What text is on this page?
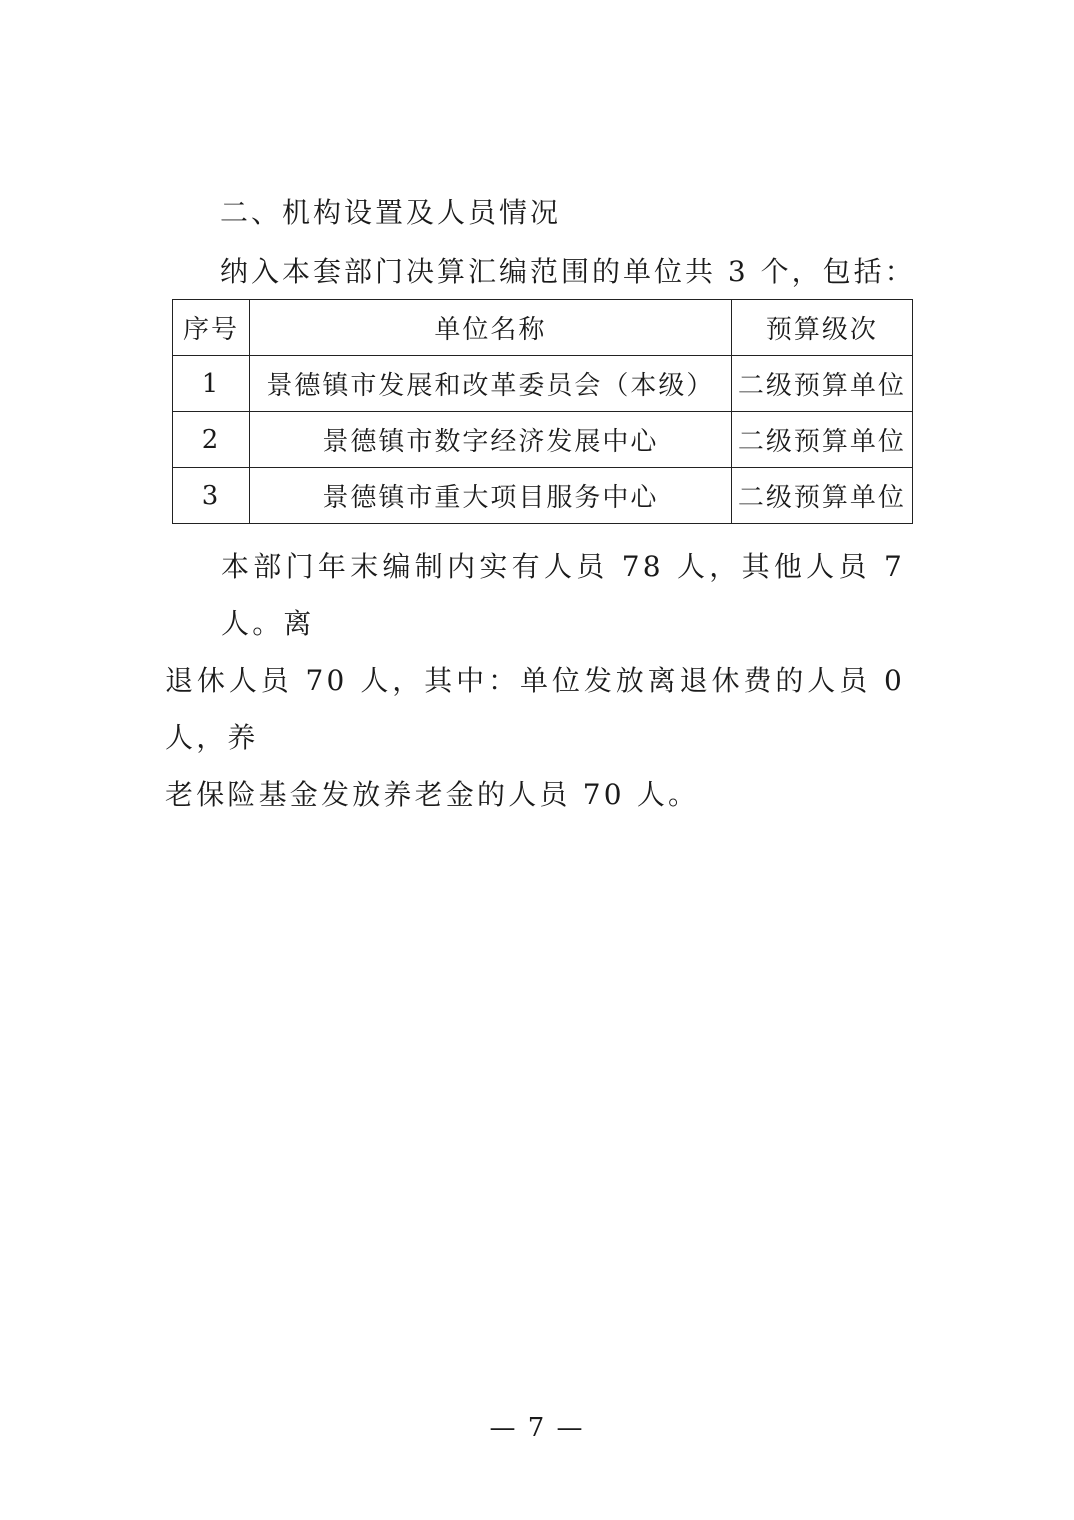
二、机构设置及人员情况
纳入本套部门决算汇编范围的单位共 3 个，包括：
序号	单位名称	预算级次
1	景德镇市发展和改革委员会（本级）	二级预算单位
2	景德镇市数字经济发展中心	二级预算单位
3	景德镇市重大项目服务中心	二级预算单位

本部门年末编制内实有人员 78 人，其他人员 7 人。离

退休人员 70 人，其中：单位发放离退休费的人员 0 人，养

老保险基金发放养老金的人员 70 人。

— 7 —
